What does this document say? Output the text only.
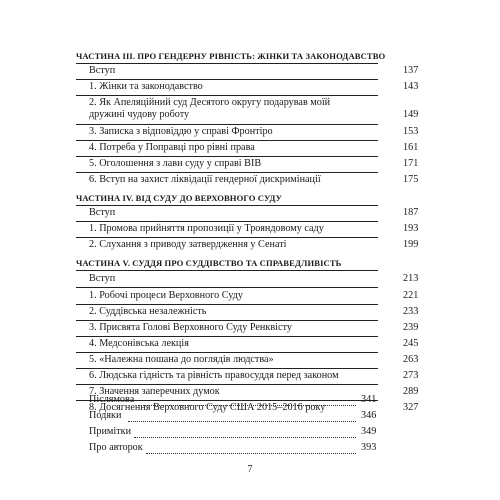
ЧАСТИНА ІІІ. ПРО ГЕНДЕРНУ РІВНІСТЬ: ЖІНКИ ТА ЗАКОНОДАВСТВО
Вступ	137
1. Жінки та законодавство	143
2. Як Апеляційний суд Десятого округу подарував моїй дружині чудову роботу	149
3. Записка з відповіддю у справі Фронтіро	153
4. Потреба у Поправці про рівні права	161
5. Оголошення з лави суду у справі ВІВ	171
6. Вступ на захист ліквідації гендерної дискримінації	175
ЧАСТИНА IV. ВІД СУДУ ДО ВЕРХОВНОГО СУДУ
Вступ	187
1. Промова прийняття пропозиції у Трояндовому саду	193
2. Слухання з приводу затвердження у Сенаті	199
ЧАСТИНА V. СУДДЯ ПРО СУДДІВСТВО ТА СПРАВЕДЛИВІСТЬ
Вступ	213
1. Робочі процеси Верховного Суду	221
2. Суддівська незалежність	233
3. Присвята Голові Верховного Суду Ренквісту	239
4. Медсонівська лекція	245
5. «Належна пошана до поглядів людства»	263
6. Людська гідність та рівність правосуддя перед законом	273
7. Значення заперечних думок	289
8. Досягнення Верховного Суду США 2015–2016 року	327
Післямова	341
Подяки	346
Примітки	349
Про авторок	393
7
